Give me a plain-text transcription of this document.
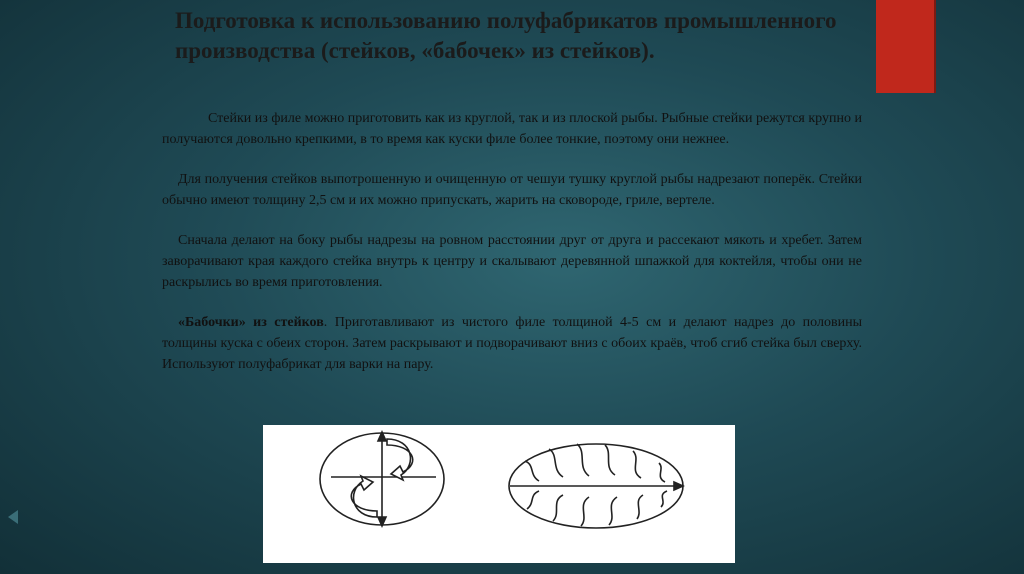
Подготовка к использованию полуфабрикатов промышленного производства (стейков, «бабочек» из стейков).

Стейки из филе можно приготовить как из круглой, так и из плоской рыбы. Рыбные стейки режутся крупно и получаются довольно крепкими, в то время как куски филе более тонкие, поэтому они нежнее.

Для получения стейков выпотрошенную и очищенную от чешуи тушку круглой рыбы надрезают поперёк. Стейки обычно имеют толщину 2,5 см и их можно припускать, жарить на сковороде, гриле, вертеле.

Сначала делают на боку рыбы надрезы на ровном расстоянии друг от друга и рассекают мякоть и хребет. Затем заворачивают края каждого стейка внутрь к центру и скалывают деревянной шпажкой для коктейля, чтобы они не раскрылись во время приготовления.

«Бабочки» из стейков. Приготавливают из чистого филе толщиной 4-5 см и делают надрез до половины толщины куска с обеих сторон. Затем раскрывают и подворачивают вниз с обоих краёв, чтоб сгиб стейка был сверху. Используют полуфабрикат для варки на пару.
